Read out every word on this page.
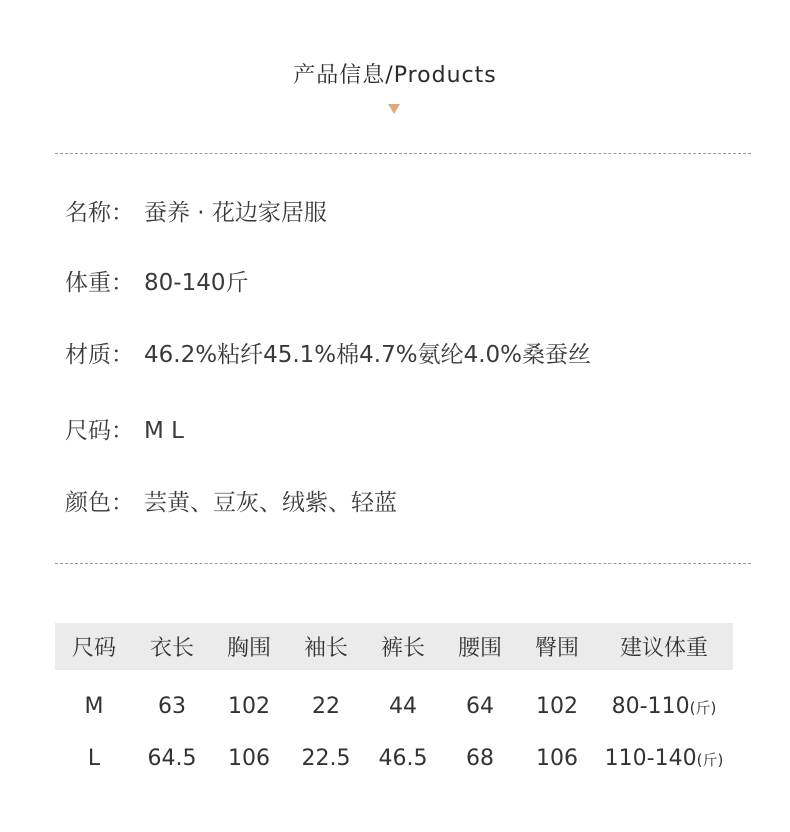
产品信息/Products
名称： 蚕养 · 花边家居服
体重： 80-140斤
材质： 46.2%粘纤45.1%棉4.7%氨纶4.0%桑蚕丝
尺码： M L
颜色： 芸黄、豆灰、绒紫、轻蓝
尺码	衣长	胸围	袖长	裤长	腰围	臀围	建议体重
M	63	102	22	44	64	102	80-110(斤)
L	64.5	106	22.5	46.5	68	106	110-140(斤)
